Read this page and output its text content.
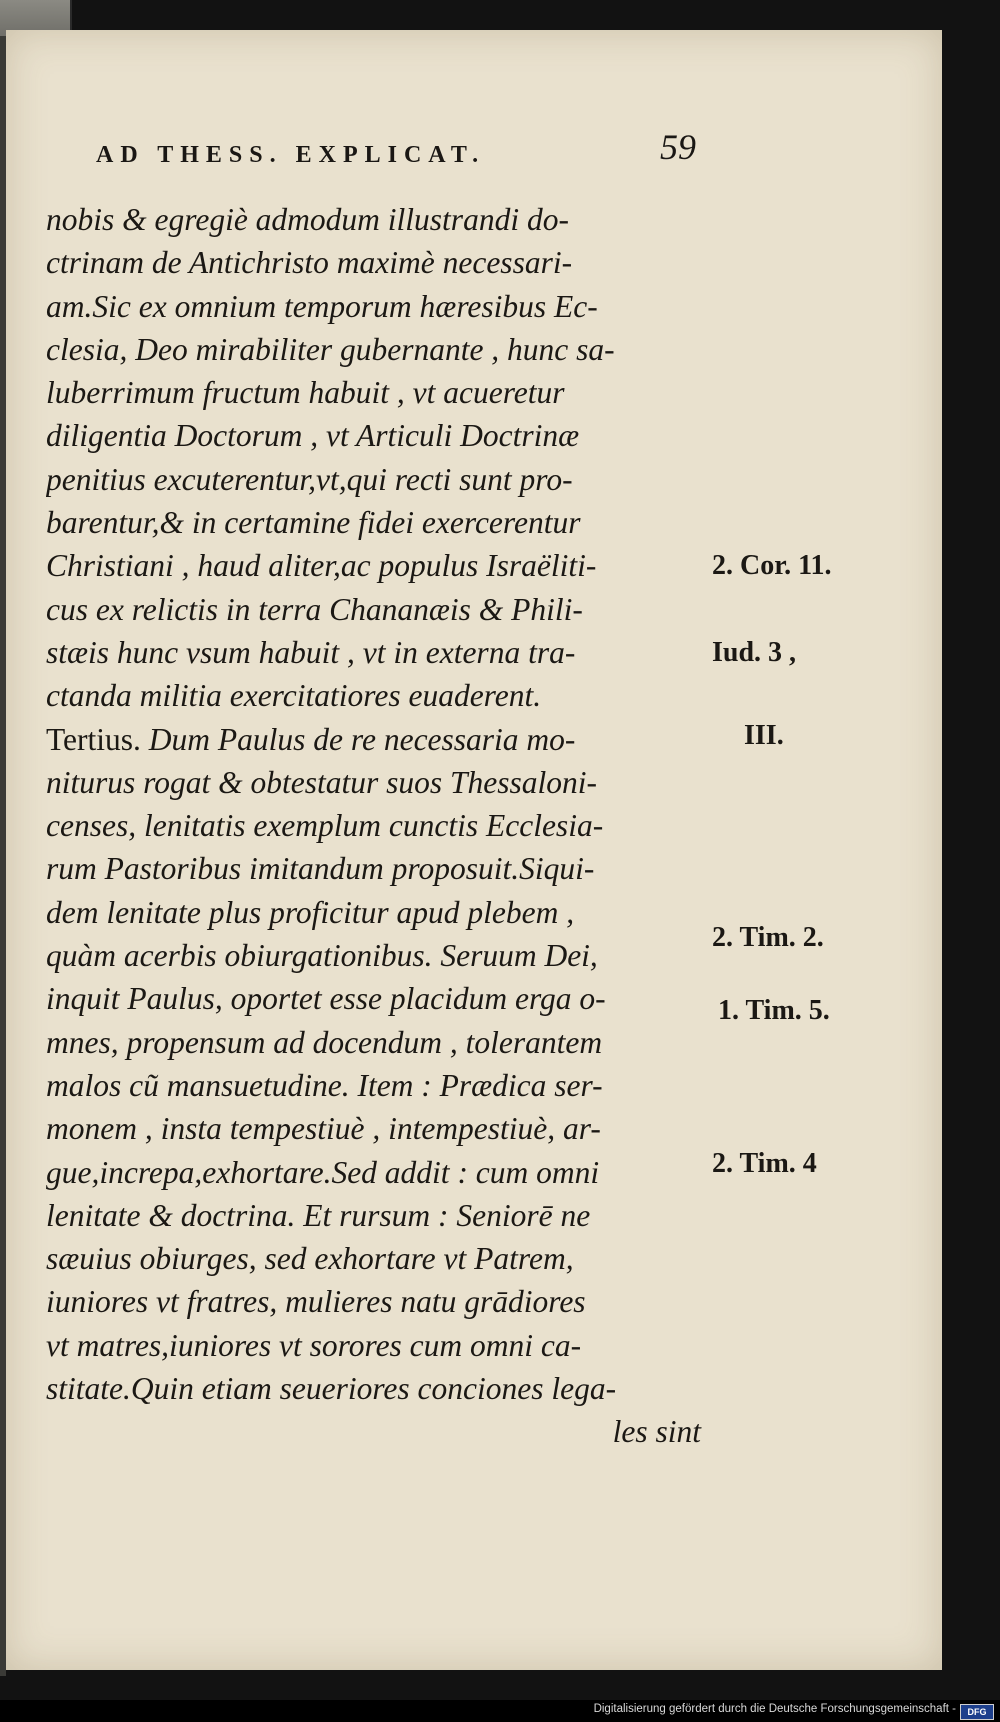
AD THESS. EXPLICAT.	59
nobis & egregiè admodum illustrandi do-
ctrinam de Antichristo maximè necessari-
am.Sic ex omnium temporum hæresibus Ec-
clesia, Deo mirabiliter gubernante , hunc sa-
luberrimum fructum habuit , vt acueretur
diligentia Doctorum , vt Articuli Doctrinæ
penitius excuterentur,vt,qui recti sunt pro-
barentur,& in certamine fidei exercerentur
Christiani , haud aliter,ac populus Israëliti-
cus ex relictis in terra Chananæis & Phili-
stæis hunc vsum habuit , vt in externa tra-
ctanda militia exercitatiores euaderent.
Tertius. Dum Paulus de re necessaria mo-
niturus rogat & obtestatur suos Thessaloni-
censes, lenitatis exemplum cunctis Ecclesia-
rum Pastoribus imitandum proposuit.Siqui-
dem lenitate plus proficitur apud plebem ,
quàm acerbis obiurgationibus. Seruum Dei,
inquit Paulus, oportet esse placidum erga o-
mnes, propensum ad docendum , tolerantem
malos cũ mansuetudine. Item : Prædica ser-
monem , insta tempestiuè , intempestiuè, ar-
gue,increpa,exhortare.Sed addit : cum omni
lenitate & doctrina. Et rursum : Seniorē ne
sæuius obiurges, sed exhortare vt Patrem,
iuniores vt fratres, mulieres natu grādiores
vt matres,iuniores vt sorores cum omni ca-
stitate.Quin etiam seueriores conciones lega-
les sint
2. Cor. 11.
Iud. 3 ,
III.
2. Tim. 2.
1. Tim. 5.
2. Tim. 4
Digitalisierung gefördert durch die Deutsche Forschungsgemeinschaft -	DFG
